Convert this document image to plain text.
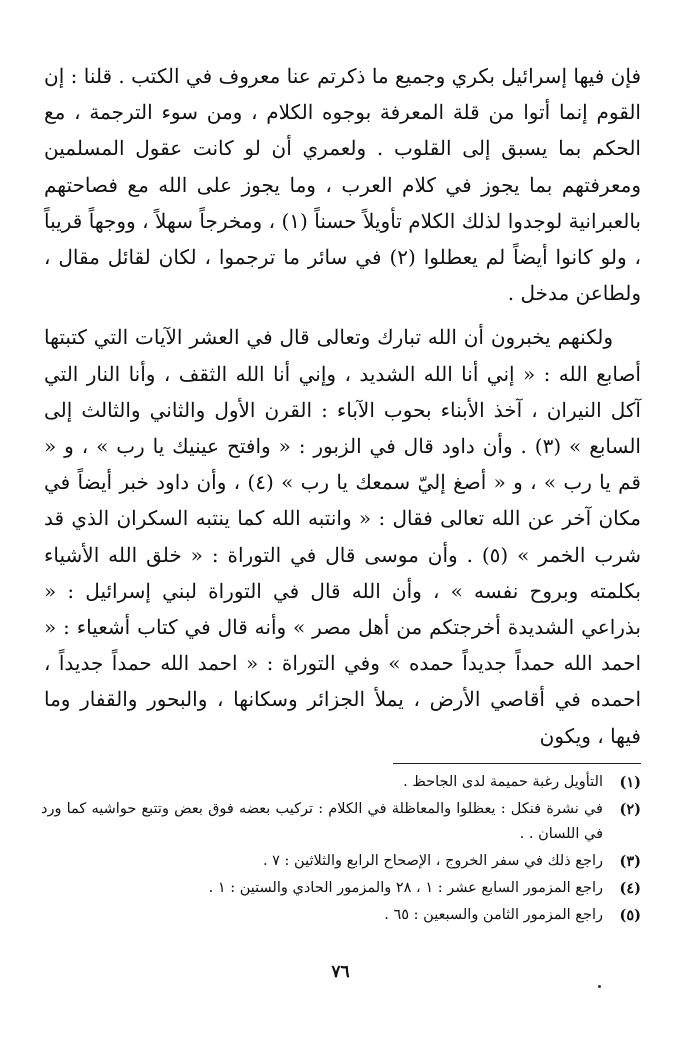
فإن فيها إسرائيل بكري وجميع ما ذكرتم عنا معروف في الكتب . قلنا : إن القوم إنما أتوا من قلة المعرفة بوجوه الكلام ، ومن سوء الترجمة ، مع الحكم بما يسبق إلى القلوب . ولعمري أن لو كانت عقول المسلمين ومعرفتهم بما يجوز في كلام العرب ، وما يجوز على الله مع فصاحتهم بالعبرانية لوجدوا لذلك الكلام تأويلاً حسناً (١) ، ومخرجاً سهلاً ، ووجهاً قريباً ، ولو كانوا أيضاً لم يعطلوا (٢) في سائر ما ترجموا ، لكان لقائل مقال ، ولطاعن مدخل .

ولكنهم يخبرون أن الله تبارك وتعالى قال في العشر الآيات التي كتبتها أصابع الله : « إني أنا الله الشديد ، وإني أنا الله الثقف ، وأنا النار التي آكل النيران ، آخذ الأبناء بحوب الآباء : القرن الأول والثاني والثالث إلى السابع » (٣) . وأن داود قال في الزبور : « وافتح عينيك يا رب » ، و « قم يا رب » ، و « أصغ إليّ سمعك يا رب » (٤) ، وأن داود خبر أيضاً في مكان آخر عن الله تعالى فقال : « وانتبه الله كما ينتبه السكران الذي قد شرب الخمر » (٥) . وأن موسى قال في التوراة : « خلق الله الأشياء بكلمته وبروح نفسه » ، وأن الله قال في التوراة لبني إسرائيل : « بذراعي الشديدة أخرجتكم من أهل مصر » وأنه قال في كتاب أشعياء : « احمد الله حمداً جديداً حمده » وفي التوراة : « احمد الله حمداً جديداً ، احمده في أقاصي الأرض ، يملأ الجزائر وسكانها ، والبحور والقفار وما فيها ، ويكون

(١)
التأويل رغبة حميمة لدى الجاحظ .
(٢)
في نشرة فنكل : يعظلوا والمعاظلة في الكلام : تركيب بعضه فوق بعض وتتبع حواشيه كما ورد في اللسان . .
(٣)
راجع ذلك في سفر الخروج ، الإصحاح الرابع والثلاثين : ٧ .
(٤)
راجع المزمور السابع عشر : ١ ، ٢٨ والمزمور الحادي والستين : ١ .
(٥)
راجع المزمور الثامن والسبعين : ٦٥ .
٧٦
